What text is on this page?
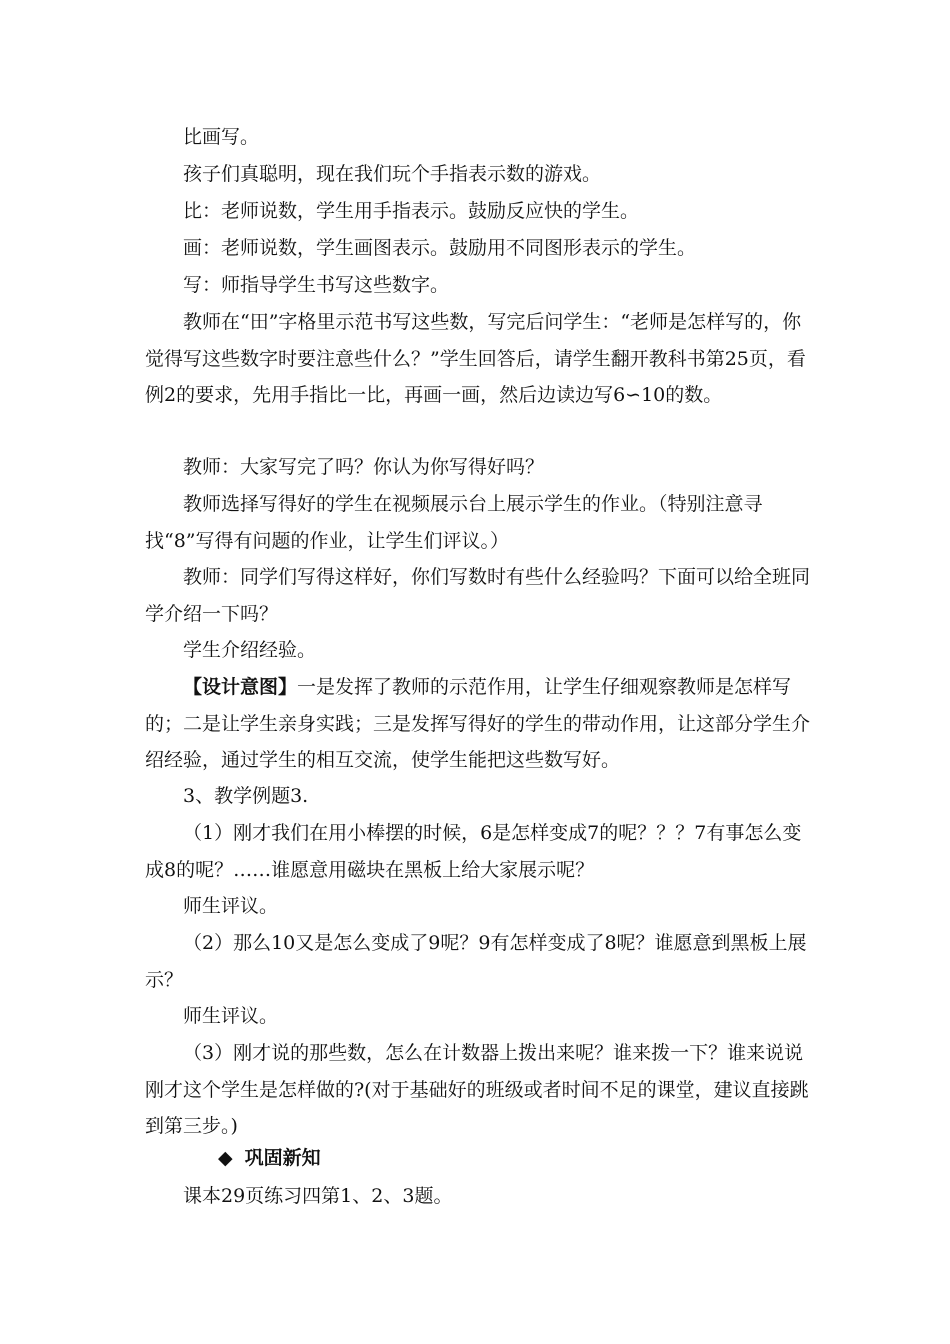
比画写。

孩子们真聪明，现在我们玩个手指表示数的游戏。

比：老师说数，学生用手指表示。鼓励反应快的学生。

画：老师说数，学生画图表示。鼓励用不同图形表示的学生。

写：师指导学生书写这些数字。

教师在“田”字格里示范书写这些数，写完后问学生：“老师是怎样写的，你觉得写这些数字时要注意些什么？”学生回答后，请学生翻开教科书第25页，看例2的要求，先用手指比一比，再画一画，然后边读边写6∽10的数。

教师：大家写完了吗？你认为你写得好吗？

教师选择写得好的学生在视频展示台上展示学生的作业。（特别注意寻找“8”写得有问题的作业，让学生们评议。）

教师：同学们写得这样好，你们写数时有些什么经验吗？下面可以给全班同学介绍一下吗？

学生介绍经验。

【设计意图】一是发挥了教师的示范作用，让学生仔细观察教师是怎样写的；二是让学生亲身实践；三是发挥写得好的学生的带动作用，让这部分学生介绍经验，通过学生的相互交流，使学生能把这些数写好。

3、教学例题3.

（1）刚才我们在用小棒摆的时候，6是怎样变成7的呢？？？7有事怎么变成8的呢？……谁愿意用磁块在黑板上给大家展示呢？

师生评议。

（2）那么10又是怎么变成了9呢？9有怎样变成了8呢？谁愿意到黑板上展示？

师生评议。

（3）刚才说的那些数，怎么在计数器上拨出来呢？谁来拨一下？谁来说说刚才这个学生是怎样做的?(对于基础好的班级或者时间不足的课堂，建议直接跳到第三步。)

◆ 巩固新知

课本29页练习四第1、2、3题。
